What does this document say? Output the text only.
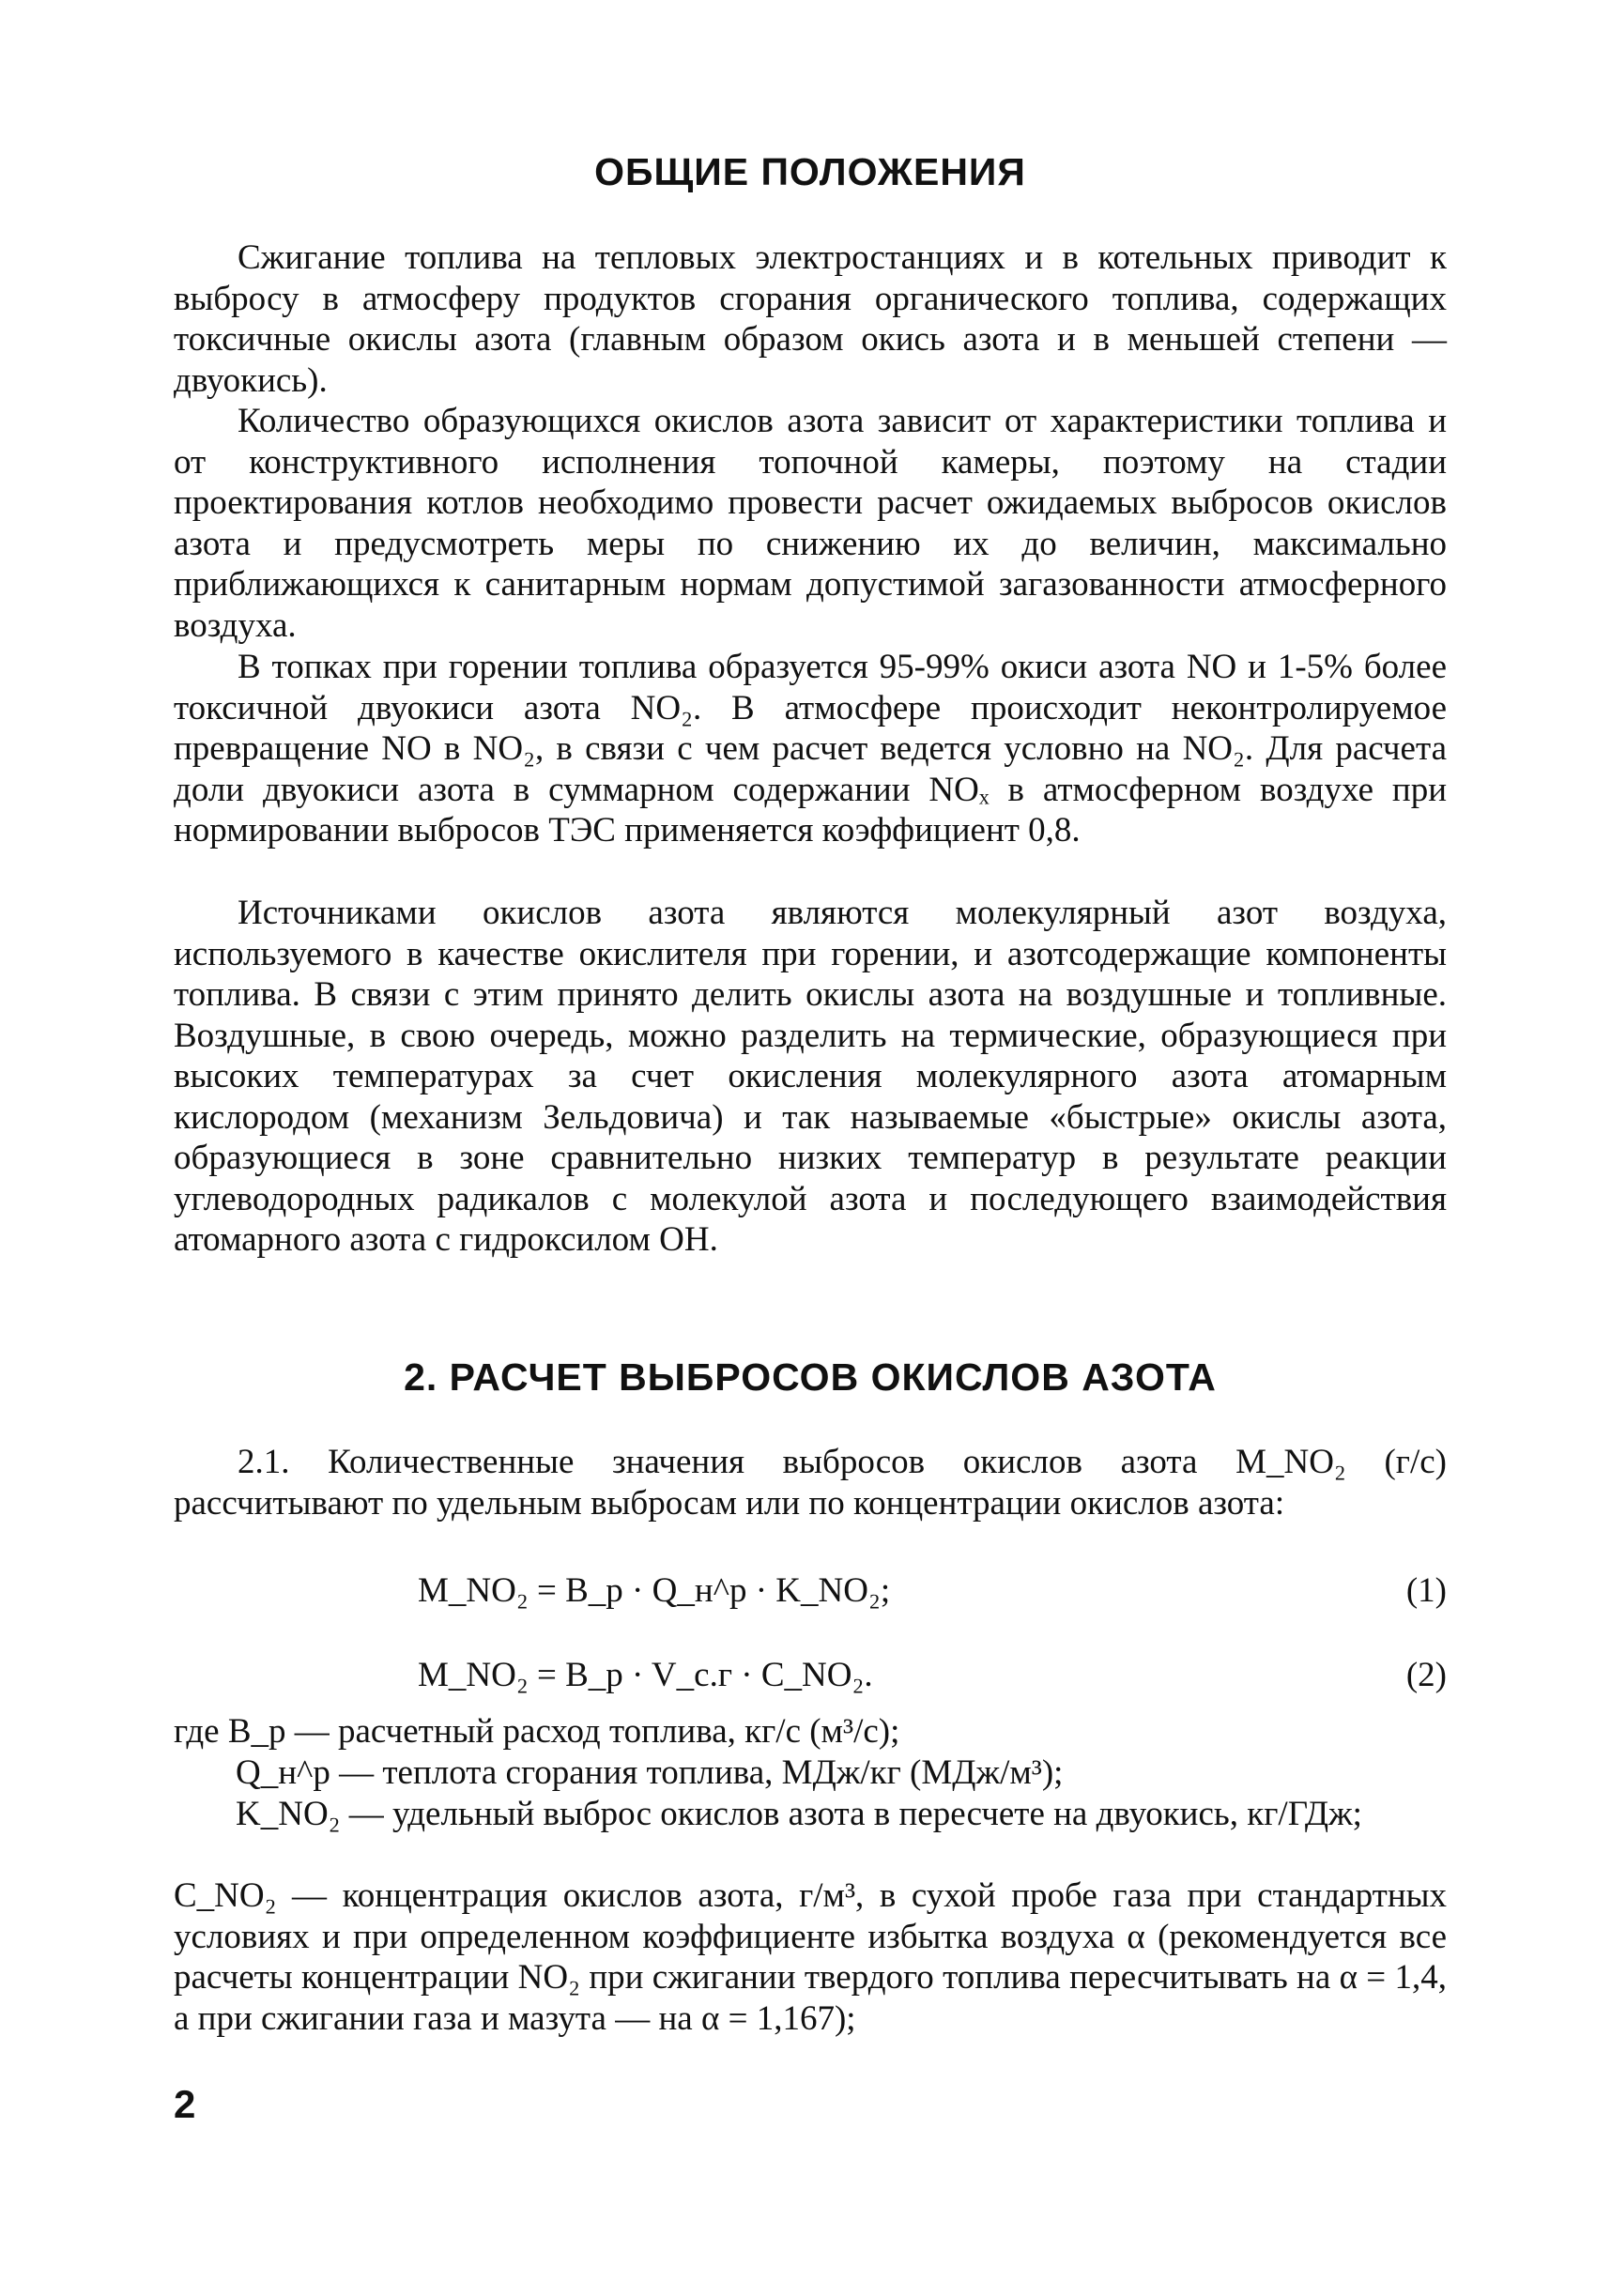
ОБЩИЕ ПОЛОЖЕНИЯ

Сжигание топлива на тепловых электростанциях и в котельных приводит к выбросу в атмосферу продуктов сгорания органического топлива, содержащих токсичные окислы азота (главным образом окись азота и в меньшей степени — двуокись).

Количество образующихся окислов азота зависит от характеристики топлива и от конструктивного исполнения топочной камеры, поэтому на стадии проектирования котлов необходимо провести расчет ожидаемых выбросов окислов азота и предусмотреть меры по снижению их до величин, максимально приближающихся к санитарным нормам допустимой загазованности атмосферного воздуха.

В топках при горении топлива образуется 95-99% окиси азота NO и 1-5% более токсичной двуокиси азота NO₂. В атмосфере происходит неконтролируемое превращение NO в NO₂, в связи с чем расчет ведется условно на NO₂. Для расчета доли двуокиси азота в суммарном содержании NOₓ в атмосферном воздухе при нормировании выбросов ТЭС применяется коэффициент 0,8.

Источниками окислов азота являются молекулярный азот воздуха, используемого в качестве окислителя при горении, и азотсодержащие компоненты топлива. В связи с этим принято делить окислы азота на воздушные и топливные. Воздушные, в свою очередь, можно разделить на термические, образующиеся при высоких температурах за счет окисления молекулярного азота атомарным кислородом (механизм Зельдовича) и так называемые «быстрые» окислы азота, образующиеся в зоне сравнительно низких температур в результате реакции углеводородных радикалов с молекулой азота и последующего взаимодействия атомарного азота с гидроксилом ОН.

2. РАСЧЕТ ВЫБРОСОВ ОКИСЛОВ АЗОТА

2.1. Количественные значения выбросов окислов азота M_NO₂ (г/с) рассчитывают по удельным выбросам или по концентрации окислов азота:

M_NO₂ = B_p · Q_н^p · K_NO₂;	(1)
M_NO₂ = B_p · V_с.г · C_NO₂.	(2)

где B_p — расчетный расход топлива, кг/с (м³/с);

Q_н^p — теплота сгорания топлива, МДж/кг (МДж/м³);

K_NO₂ — удельный выброс окислов азота в пересчете на двуокись, кг/ГДж;

C_NO₂ — концентрация окислов азота, г/м³, в сухой пробе газа при стандартных условиях и при определенном коэффициенте избытка воздуха α (рекомендуется все расчеты концентрации NO₂ при сжигании твердого топлива пересчитывать на α = 1,4, а при сжигании газа и мазута — на α = 1,167);

2
